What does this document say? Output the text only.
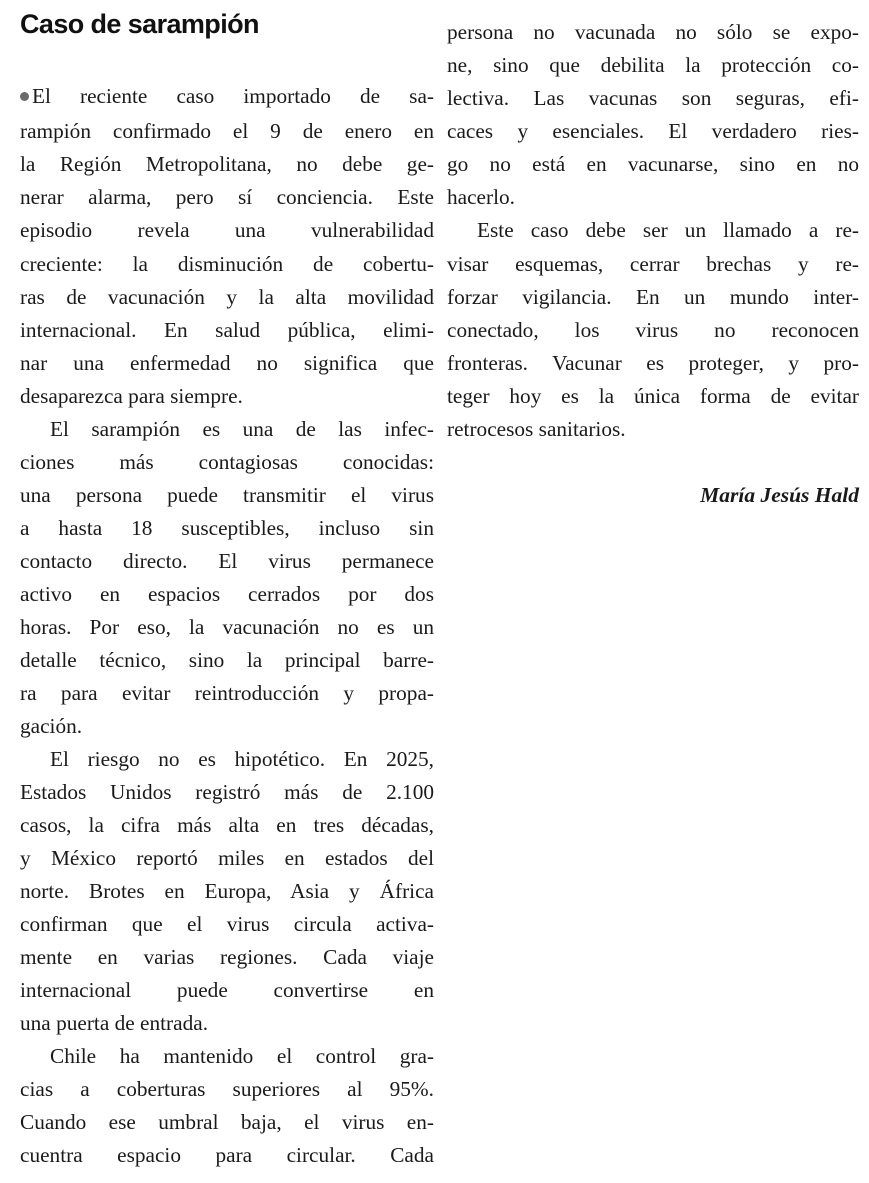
Caso de sarampión
El reciente caso importado de sa-
rampión confirmado el 9 de enero en
la Región Metropolitana, no debe ge-
nerar alarma, pero sí conciencia. Este
episodio revela una vulnerabilidad
creciente: la disminución de cobertu-
ras de vacunación y la alta movilidad
internacional. En salud pública, elimi-
nar una enfermedad no significa que
desaparezca para siempre.
El sarampión es una de las infec-
ciones más contagiosas conocidas:
una persona puede transmitir el virus
a hasta 18 susceptibles, incluso sin
contacto directo. El virus permanece
activo en espacios cerrados por dos
horas. Por eso, la vacunación no es un
detalle técnico, sino la principal barre-
ra para evitar reintroducción y propa-
gación.
El riesgo no es hipotético. En 2025,
Estados Unidos registró más de 2.100
casos, la cifra más alta en tres décadas,
y México reportó miles en estados del
norte. Brotes en Europa, Asia y África
confirman que el virus circula activa-
mente en varias regiones. Cada viaje
internacional puede convertirse en
una puerta de entrada.
Chile ha mantenido el control gra-
cias a coberturas superiores al 95%.
Cuando ese umbral baja, el virus en-
cuentra espacio para circular. Cada
persona no vacunada no sólo se expo-
ne, sino que debilita la protección co-
lectiva. Las vacunas son seguras, efi-
caces y esenciales. El verdadero ries-
go no está en vacunarse, sino en no
hacerlo.
Este caso debe ser un llamado a re-
visar esquemas, cerrar brechas y re-
forzar vigilancia. En un mundo inter-
conectado, los virus no reconocen
fronteras. Vacunar es proteger, y pro-
teger hoy es la única forma de evitar
retrocesos sanitarios.
María Jesús Hald
